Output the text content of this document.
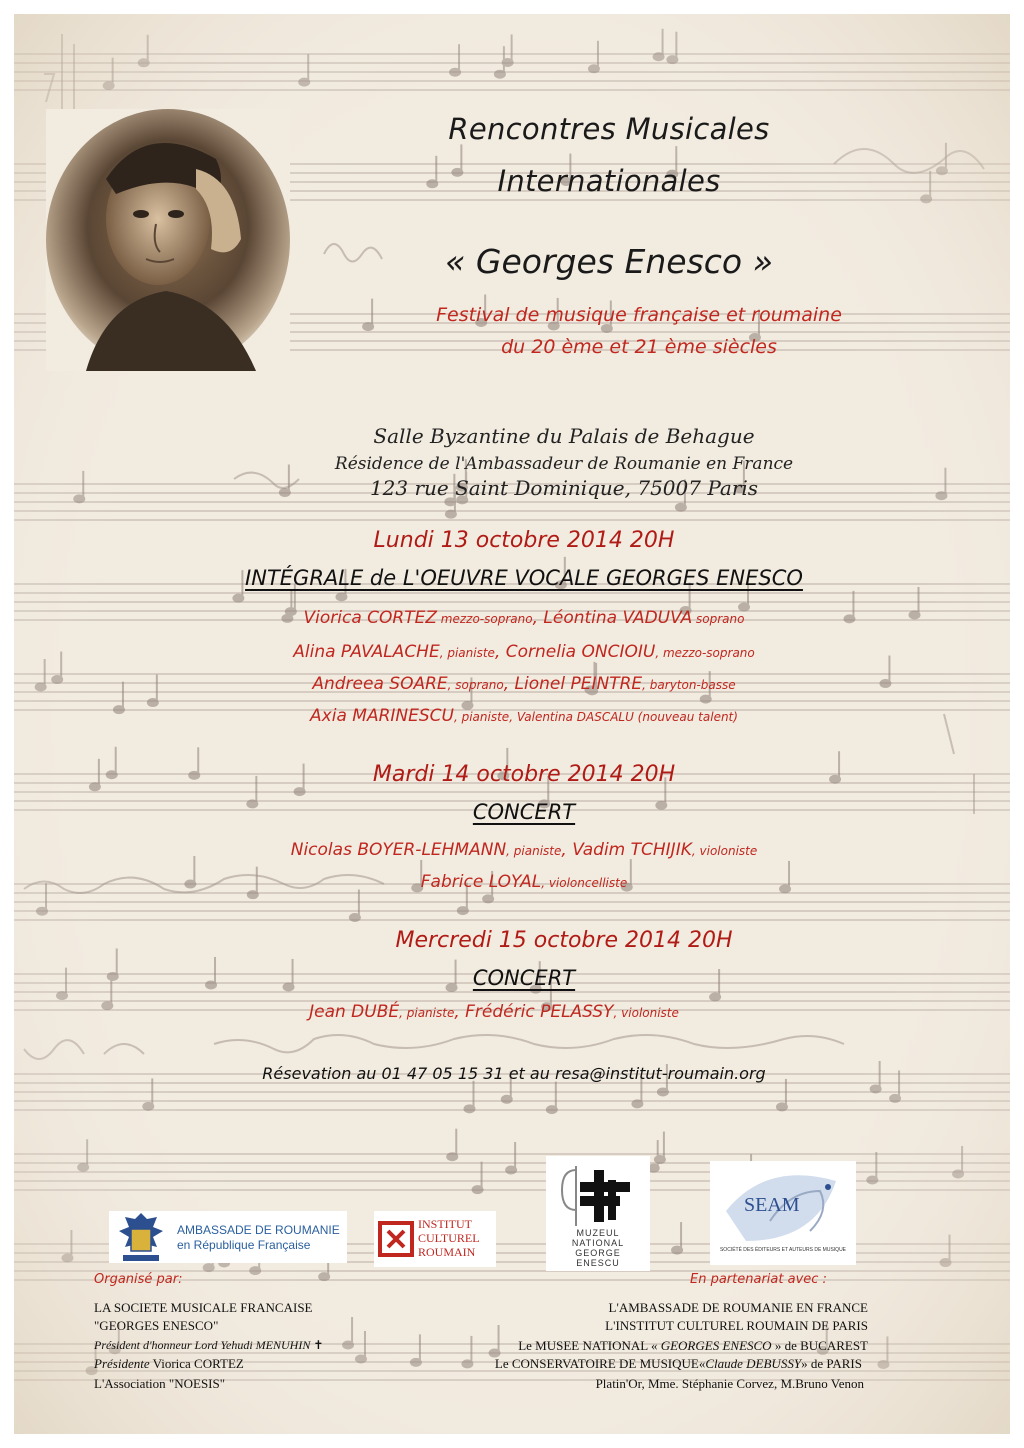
Rencontres Musicales
Internationales
« Georges Enesco »
Festival de musique française et roumaine
du 20 ème et 21 ème siècles
Salle Byzantine du Palais de Behague
Résidence de l'Ambassadeur de Roumanie en France
123 rue Saint Dominique, 75007 Paris
Lundi 13 octobre 2014 20H
INTÉGRALE de L'OEUVRE VOCALE GEORGES ENESCO
Viorica CORTEZ mezzo-soprano, Léontina VADUVA soprano
Alina PAVALACHE, pianiste, Cornelia ONCIOIU, mezzo-soprano
Andreea SOARE, soprano, Lionel PEINTRE, baryton-basse
Axia MARINESCU, pianiste, Valentina DASCALU (nouveau talent)
Mardi 14 octobre 2014 20H
CONCERT
Nicolas BOYER-LEHMANN, pianiste, Vadim TCHIJIK, violoniste
Fabrice LOYAL, violoncelliste
Mercredi 15 octobre 2014 20H
CONCERT
Jean DUBÉ, pianiste, Frédéric PELASSY, violoniste
Résevation au 01 47 05 15 31 et au resa@institut-roumain.org
AMBASSADE DE ROUMANIE
en République Française
INSTITUT
CULTUREL
ROUMAIN
MUZEUL
NATIONAL
GEORGE
ENESCU
SEAM
SOCIÉTÉ DES ÉDITEURS ET AUTEURS DE MUSIQUE
Organisé par:
LA SOCIETE MUSICALE FRANCAISE
"GEORGES ENESCO"
Président d'honneur Lord Yehudi MENUHIN ✝
Présidente Viorica CORTEZ
L'Association "NOESIS"
En partenariat avec :
L'AMBASSADE DE ROUMANIE EN FRANCE
L'INSTITUT CULTUREL ROUMAIN DE PARIS
Le MUSEE NATIONAL « GEORGES ENESCO » de BUCAREST
Le CONSERVATOIRE DE MUSIQUE«Claude DEBUSSY» de PARIS
Platin'Or, Mme. Stéphanie Corvez, M.Bruno Venon
